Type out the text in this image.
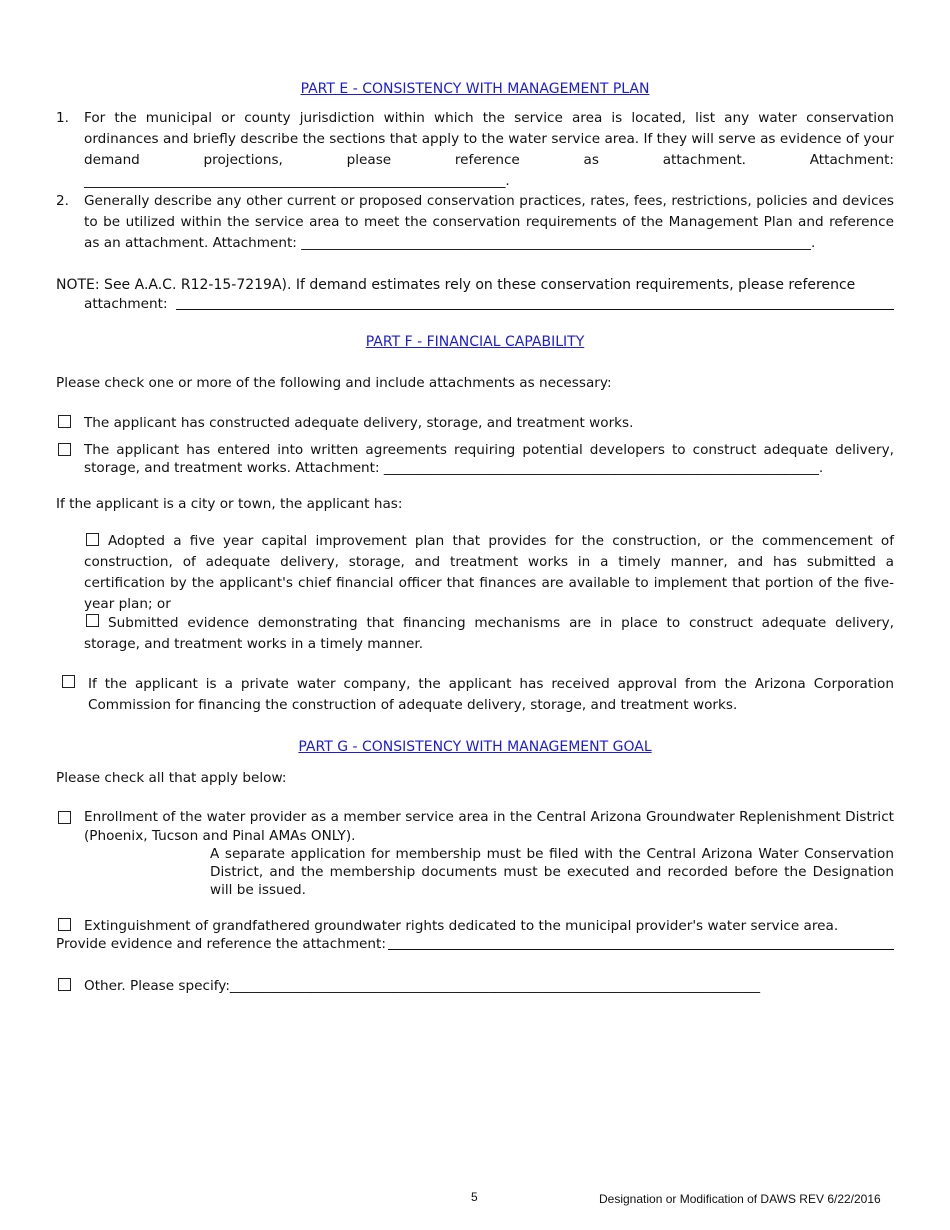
PART E - CONSISTENCY WITH MANAGEMENT PLAN
1. For the municipal or county jurisdiction within which the service area is located, list any water conservation ordinances and briefly describe the sections that apply to the water service area. If they will serve as evidence of your demand projections, please reference as attachment. Attachment: ______________________________________________________________.
2. Generally describe any other current or proposed conservation practices, rates, fees, restrictions, policies and devices to be utilized within the service area to meet the conservation requirements of the Management Plan and reference as an attachment. Attachment: ___________________________________________________________________________.
NOTE: See A.A.C. R12-15-7219A). If demand estimates rely on these conservation requirements, please reference
attachment:
PART F - FINANCIAL CAPABILITY
Please check one or more of the following and include attachments as necessary:
The applicant has constructed adequate delivery, storage, and treatment works.
The applicant has entered into written agreements requiring potential developers to construct adequate delivery, storage, and treatment works. Attachment: ________________________________________________________________.
If the applicant is a city or town, the applicant has:
Adopted a five year capital improvement plan that provides for the construction, or the commencement of construction, of adequate delivery, storage, and treatment works in a timely manner, and has submitted a certification by the applicant's chief financial officer that finances are available to implement that portion of the five-year plan; or
Submitted evidence demonstrating that financing mechanisms are in place to construct adequate delivery, storage, and treatment works in a timely manner.
If the applicant is a private water company, the applicant has received approval from the Arizona Corporation Commission for financing the construction of adequate delivery, storage, and treatment works.
PART G - CONSISTENCY WITH MANAGEMENT GOAL
Please check all that apply below:
Enrollment of the water provider as a member service area in the Central Arizona Groundwater Replenishment District (Phoenix, Tucson and Pinal AMAs ONLY).
A separate application for membership must be filed with the Central Arizona Water Conservation District, and the membership documents must be executed and recorded before the Designation will be issued.
Extinguishment of grandfathered groundwater rights dedicated to the municipal provider's water service area.
Provide evidence and reference the attachment:
Other. Please specify:______________________________________________________________________________
5	Designation or Modification of DAWS REV 6/22/2016
